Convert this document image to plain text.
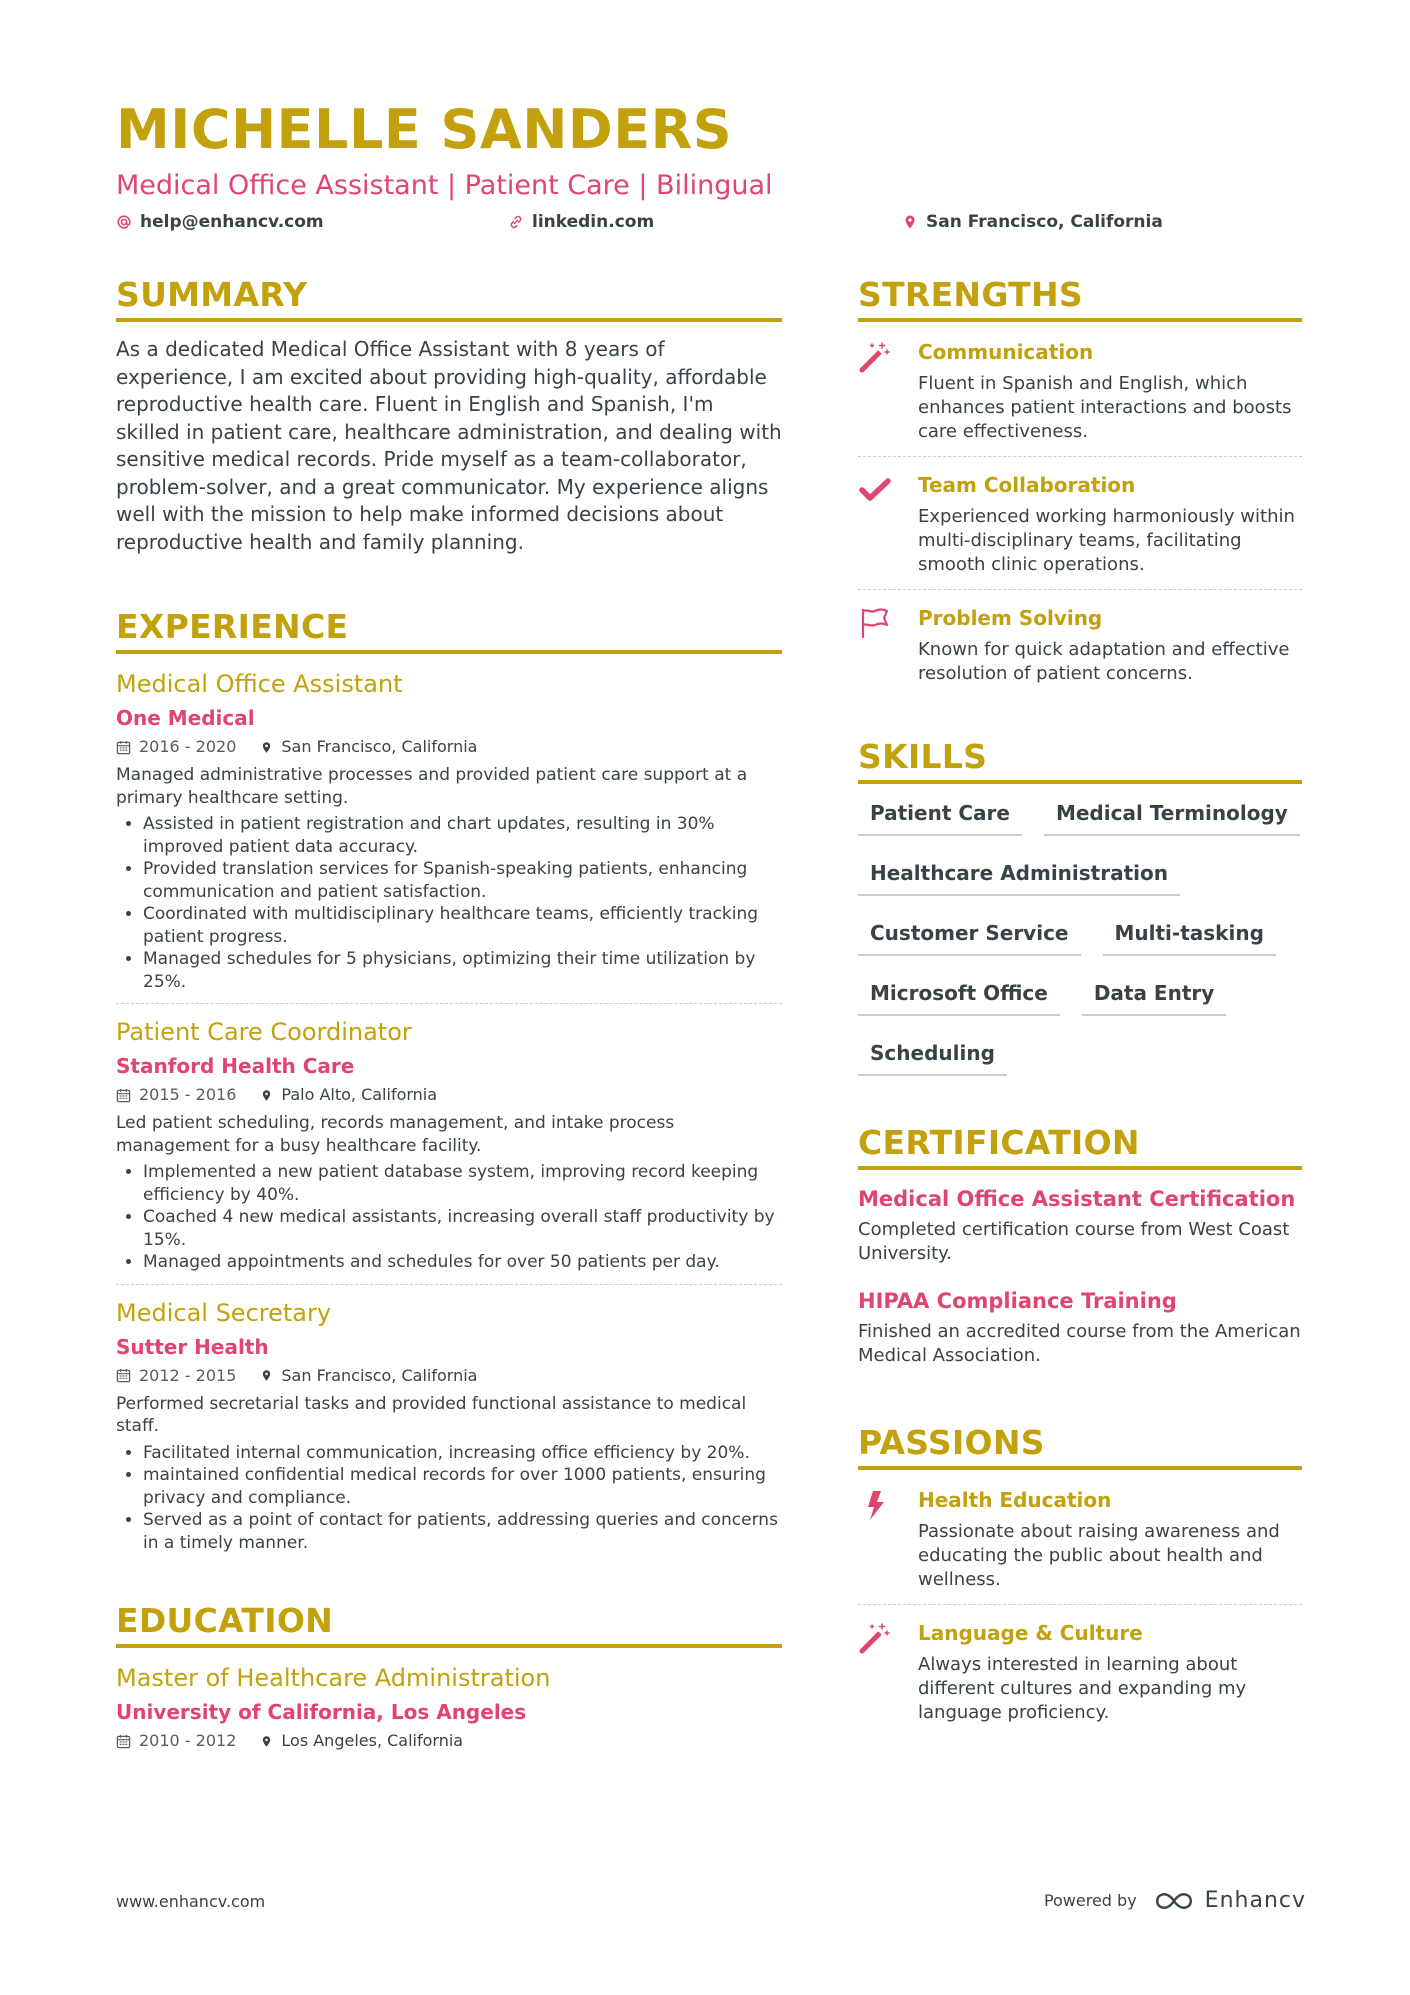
MICHELLE SANDERS
Medical Office Assistant | Patient Care | Bilingual
help@enhancv.com	linkedin.com	San Francisco, California
SUMMARY

As a dedicated Medical Office Assistant with 8 years of experience, I am excited about providing high-quality, affordable reproductive health care. Fluent in English and Spanish, I'm skilled in patient care, healthcare administration, and dealing with sensitive medical records. Pride myself as a team-collaborator, problem-solver, and a great communicator. My experience aligns well with the mission to help make informed decisions about reproductive health and family planning.

EXPERIENCE
Medical Office Assistant
One Medical
2016 - 2020	San Francisco, California
Managed administrative processes and provided patient care support at a primary healthcare setting.
• Assisted in patient registration and chart updates, resulting in 30% improved patient data accuracy.
• Provided translation services for Spanish-speaking patients, enhancing communication and patient satisfaction.
• Coordinated with multidisciplinary healthcare teams, efficiently tracking patient progress.
• Managed schedules for 5 physicians, optimizing their time utilization by 25%.
Patient Care Coordinator
Stanford Health Care
2015 - 2016	Palo Alto, California
Led patient scheduling, records management, and intake process management for a busy healthcare facility.
• Implemented a new patient database system, improving record keeping efficiency by 40%.
• Coached 4 new medical assistants, increasing overall staff productivity by 15%.
• Managed appointments and schedules for over 50 patients per day.
Medical Secretary
Sutter Health
2012 - 2015	San Francisco, California
Performed secretarial tasks and provided functional assistance to medical staff.
• Facilitated internal communication, increasing office efficiency by 20%.
• maintained confidential medical records for over 1000 patients, ensuring privacy and compliance.
• Served as a point of contact for patients, addressing queries and concerns in a timely manner.
EDUCATION
Master of Healthcare Administration
University of California, Los Angeles
2010 - 2012	Los Angeles, California
STRENGTHS
Communication
Fluent in Spanish and English, which enhances patient interactions and boosts care effectiveness.
Team Collaboration
Experienced working harmoniously within multi-disciplinary teams, facilitating smooth clinic operations.
Problem Solving
Known for quick adaptation and effective resolution of patient concerns.
SKILLS
Patient Care	Medical Terminology
Healthcare Administration
Customer Service	Multi-tasking
Microsoft Office	Data Entry
Scheduling
CERTIFICATION
Medical Office Assistant Certification
Completed certification course from West Coast University.
HIPAA Compliance Training
Finished an accredited course from the American Medical Association.
PASSIONS
Health Education
Passionate about raising awareness and educating the public about health and wellness.
Language & Culture
Always interested in learning about different cultures and expanding my language proficiency.
www.enhancv.com	Powered by	Enhancv
